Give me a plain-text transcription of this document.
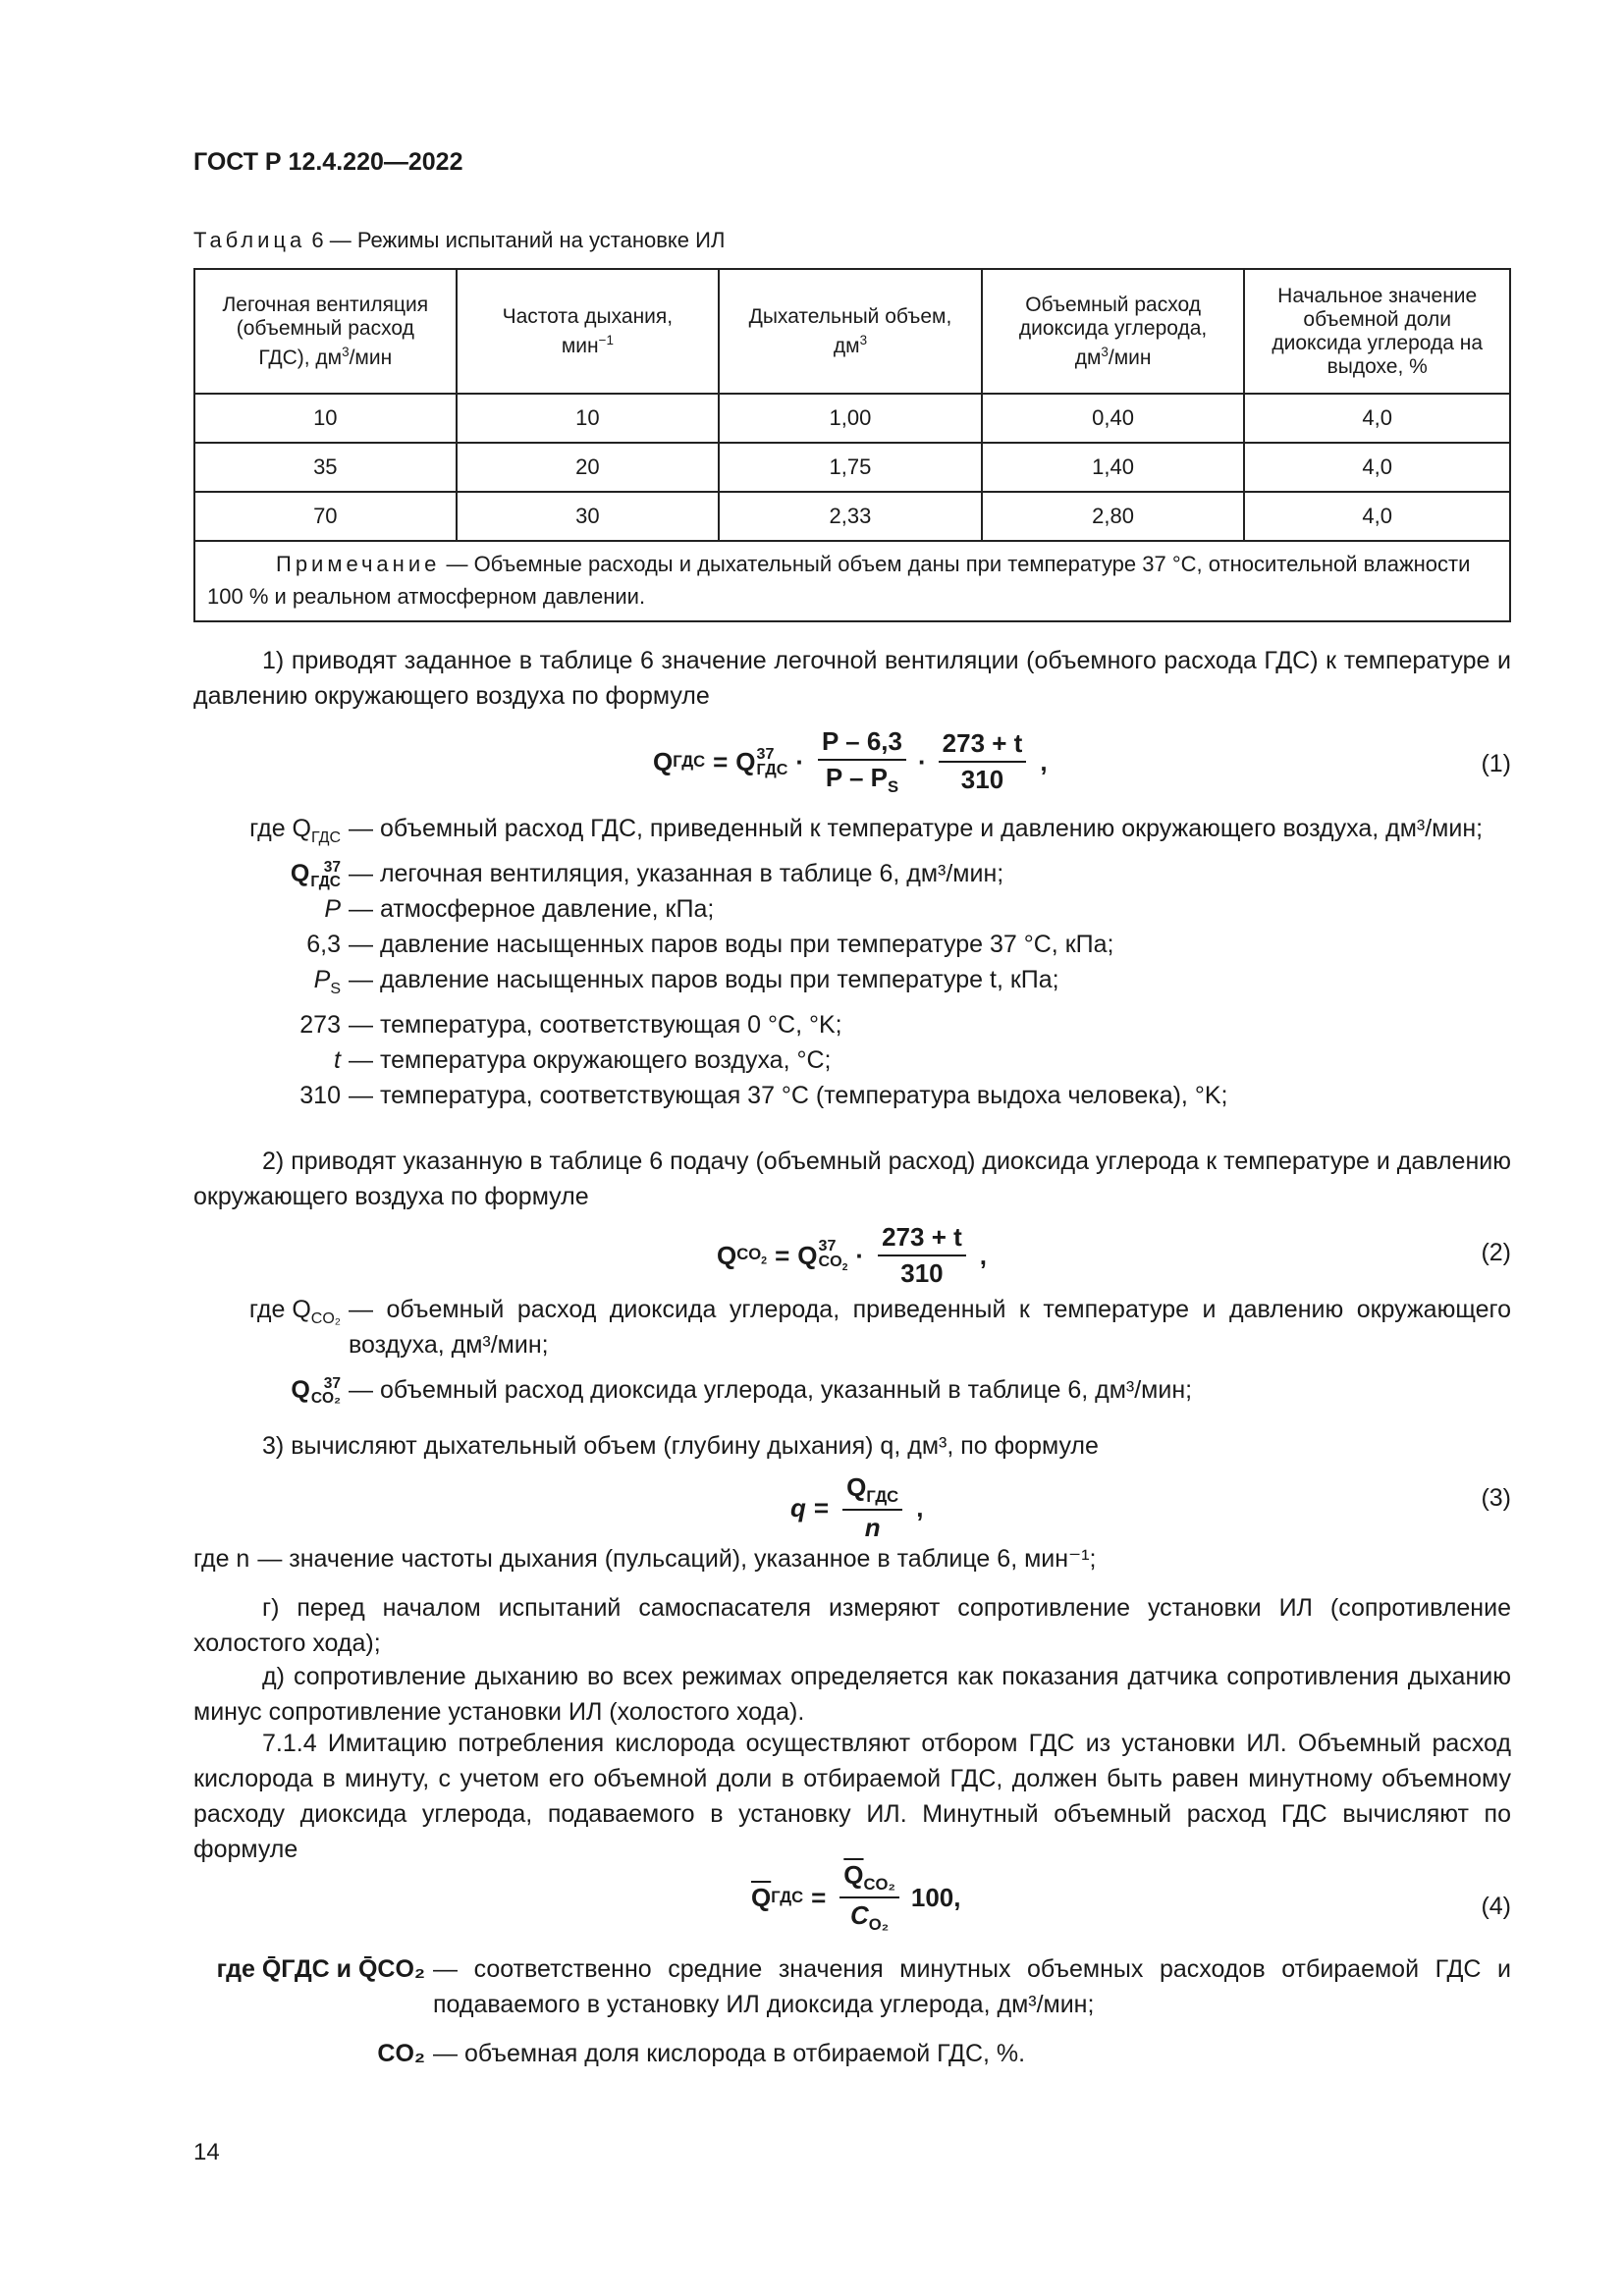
ГОСТ Р 12.4.220—2022
Таблица 6 — Режимы испытаний на установке ИЛ
Легочная вентиляция
(объемный расход
ГДС), $дм^3$/мин	Частота дыхания,
мин$^{-1}$	Дыхательный объем,
$дм^3$	Объемный расход
диоксида углерода,
$дм^3$/мин	Начальное значение
объемной доли
диоксида углерода на
выдохе, %
10	10	1,00	0,40	4,0
35	20	1,75	1,40	4,0
70	30	2,33	2,80	4,0
Примечание — Объемные расходы и дыхательный объем даны при температуре 37 °С, относительной влажности 100 % и реальном атмосферном давлении.				
1) приводят заданное в таблице 6 значение легочной вентиляции (объемного расхода ГДС) к температуре и давлению окружающего воздуха по формуле
Q ГДС = Q 37
ГДС · $\frac{P - 6,3}{P - P_S} \cdot \frac{273 + t}{310}$ ,	(1)
где $Q_{ГДС}$ — объемный расход ГДС, приведенный к температуре и давлению окружающего воздуха, дм³/мин;
Q 37
ГДС — легочная вентиляция, указанная в таблице 6, дм³/мин;
P — атмосферное давление, кПа;
6,3 — давление насыщенных паров воды при температуре 37 °С, кПа;
$P_S$ — давление насыщенных паров воды при температуре t, кПа;
273 — температура, соответствующая 0 °С, °K;
t — температура окружающего воздуха, °С;
310 — температура, соответствующая 37 °С (температура выдоха человека), °K;
2) приводят указанную в таблице 6 подачу (объемный расход) диоксида углерода к температуре и давлению окружающего воздуха по формуле
Q $CO_2 = Q$ 37
$CO_2 \cdot \frac{273 + t}{310}$ ,	(2)
где $Q_{CO_2}$ — объемный расход диоксида углерода, приведенный к температуре и давлению окружающего воздуха, дм³/мин;
Q 37
CO₂ — объемный расход диоксида углерода, указанный в таблице 6, дм³/мин;
3) вычисляют дыхательный объем (глубину дыхания) q, дм³, по формуле
$q = \frac{Q_{ГДС}}{n}$ ,	(3)
где n — значение частоты дыхания (пульсаций), указанное в таблице 6, мин⁻¹;
г) перед началом испытаний самоспасателя измеряют сопротивление установки ИЛ (сопротивление холостого хода);
д) сопротивление дыханию во всех режимах определяется как показания датчика сопротивления дыханию минус сопротивление установки ИЛ (холостого хода).
7.1.4 Имитацию потребления кислорода осуществляют отбором ГДС из установки ИЛ. Объемный расход кислорода в минуту, с учетом его объемной доли в отбираемой ГДС, должен быть равен минутному объемному расходу диоксида углерода, подаваемого в установку ИЛ. Минутный объемный расход ГДС вычисляют по формуле
$\overline{Q}$ ГДС = $\frac{\overline{Q}_{CO_2}}{C_{O_2}} 100$,	(4)
где Q̄ГДС и Q̄CO₂ — соответственно средние значения минутных объемных расходов отбираемой ГДС и подаваемого в установку ИЛ диоксида углерода, дм³/мин;
CO₂ — объемная доля кислорода в отбираемой ГДС, %.
14
